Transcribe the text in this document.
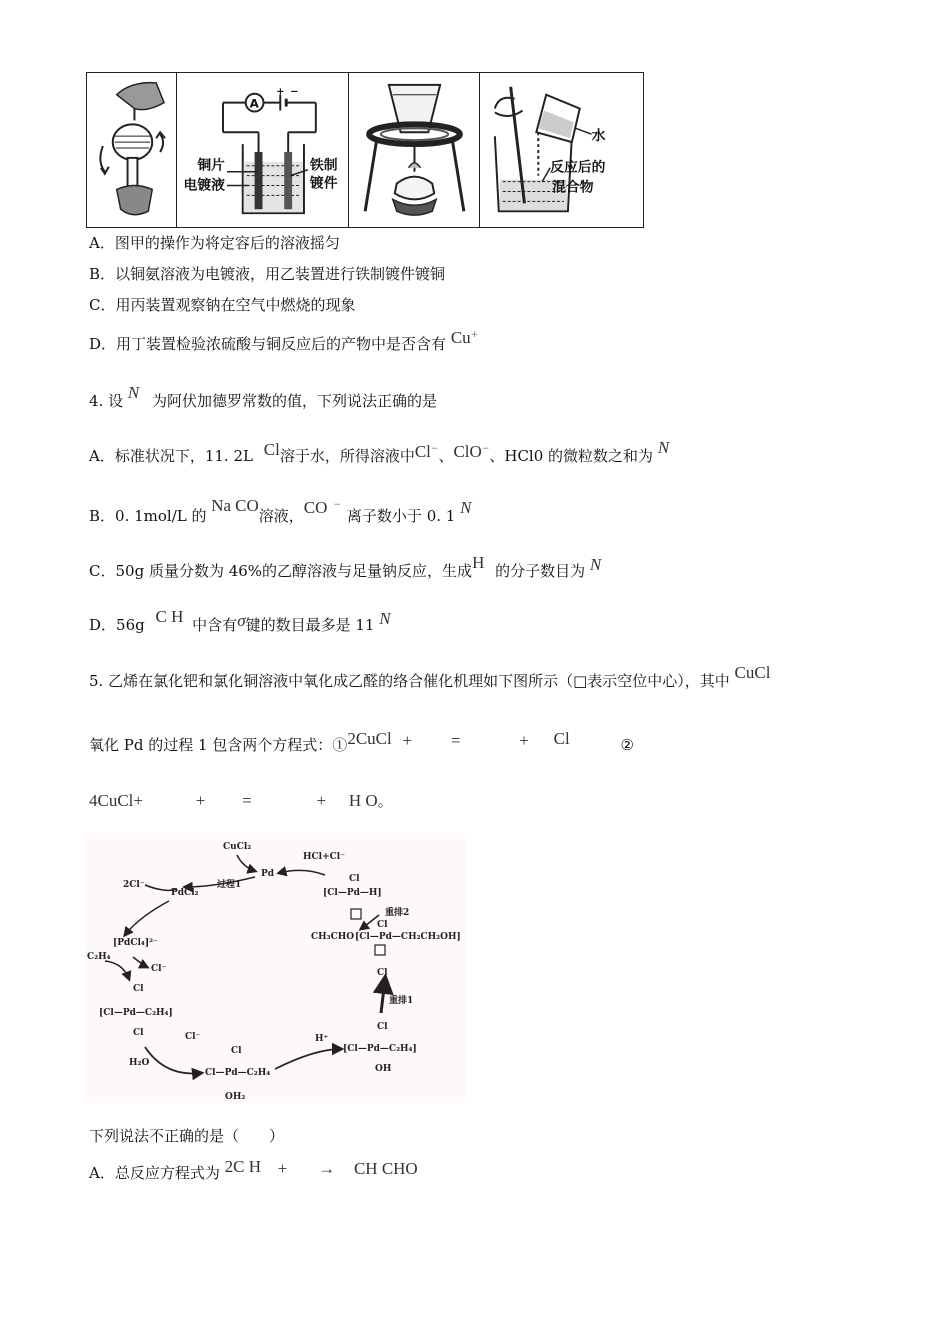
A
+ −
铜片
电镀液
铁制
镀件
水
反应后的
混合物
A．图甲的操作为将定容后的溶液摇匀
B．以铜氨溶液为电镀液，用乙装置进行铁制镀件镀铜
C．用丙装置观察钠在空气中燃烧的现象
D．用丁装置检验浓硫酸与铜反应后的产物中是否含有 Cu+
4. 设 N 为阿伏加德罗常数的值，下列说法正确的是
A．标准状况下，11. 2L Cl溶于水，所得溶液中Cl−、ClO−、HCl0 的微粒数之和为 N
B．0. 1mol/L 的 Na CO溶液，CO −离子数小于 0. 1 N
C．50g 质量分数为 46%的乙醇溶液与足量钠反应，生成H 的分子数目为 N
D．56g C H 中含有σ键的数目最多是 11 N
5. 乙烯在氯化钯和氯化铜溶液中氧化成乙醛的络合催化机理如下图所示（□表示空位中心），其中 CuCl
氧化 Pd 的过程 1 包含两个方程式：①2CuCl + =	+ Cl	②
4CuCl+	+ =	+ H O。
CuCl₂
Pd
过程1
HCl+Cl⁻
2Cl⁻
PdCl₂
[PdCl₄]²⁻
C₂H₄
Cl⁻
Cl
[Cl—Pd—C₂H₄]
Cl
H₂O
Cl⁻
Cl
Cl—Pd—C₂H₄
OH₂
H⁺
Cl
[Cl—Pd—C₂H₄]
OH
重排1
Cl
[Cl—Pd—CH₂CH₂OH]
Cl
CH₃CHO
重排2
[Cl—Pd—H]
Cl
下列说法不正确的是（　　）
A．总反应方程式为 2C H + → CH CHO
